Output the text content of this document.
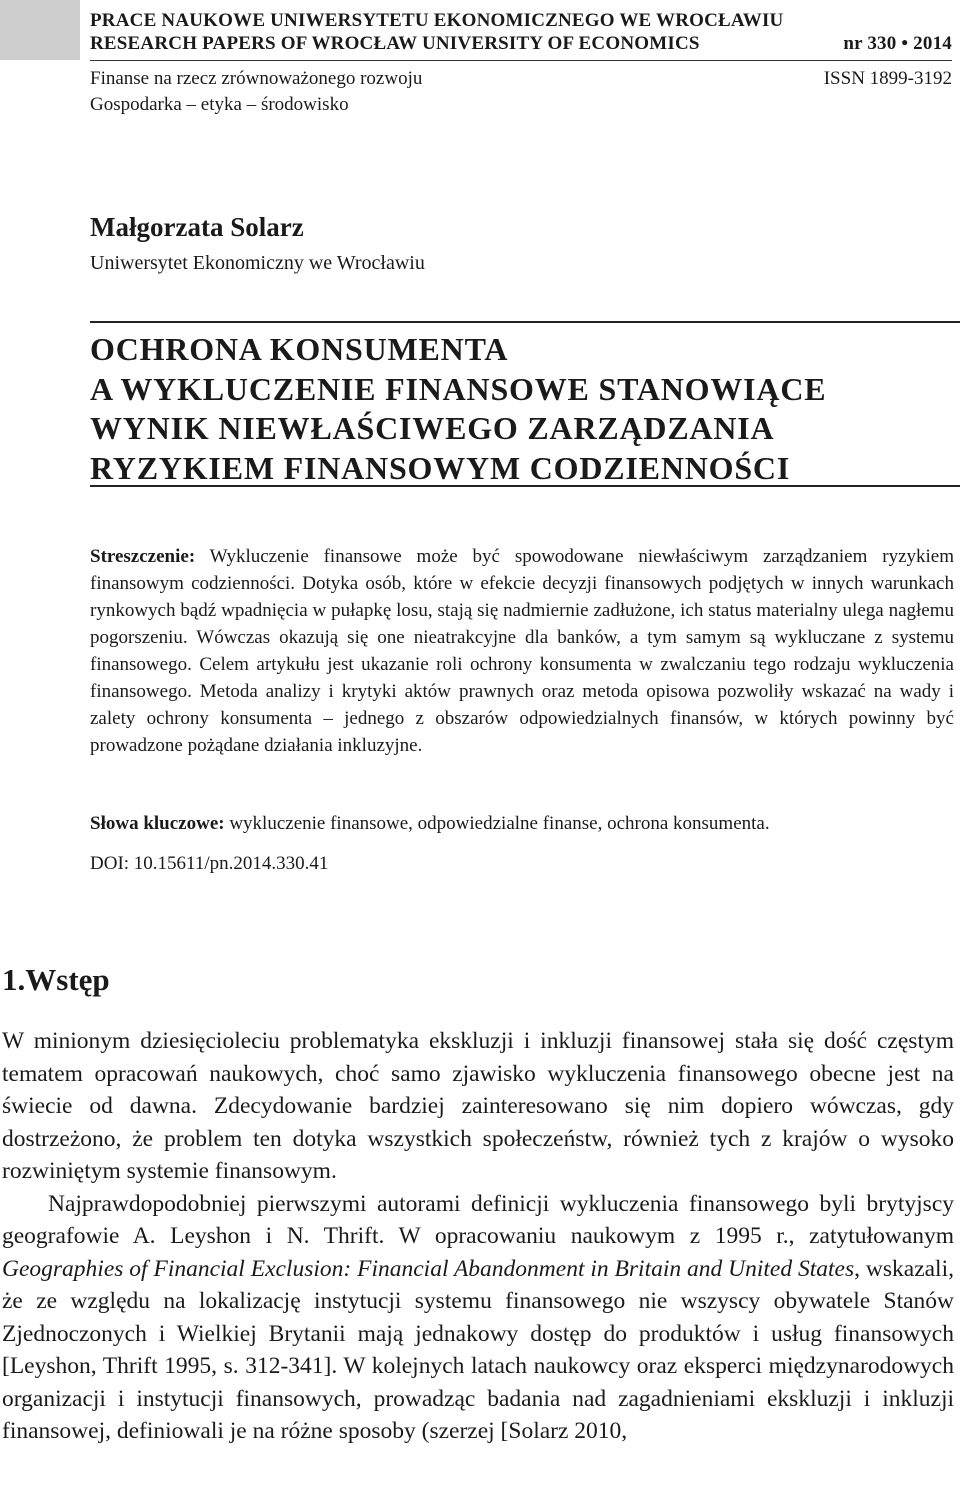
PRACE NAUKOWE UNIWERSYTETU EKONOMICZNEGO WE WROCŁAWIU
RESEARCH PAPERS OF WROCŁAW UNIVERSITY OF ECONOMICS	nr 330 • 2014
Finanse na rzecz zrównoważonego rozwoju
Gospodarka – etyka – środowisko
ISSN 1899-3192
Małgorzata Solarz
Uniwersytet Ekonomiczny we Wrocławiu
OCHRONA KONSUMENTA
A WYKLUCZENIE FINANSOWE STANOWIĄCE
WYNIK NIEWŁAŚCIWEGO ZARZĄDZANIA
RYZYKIEM FINANSOWYM CODZIENNOŚCI
Streszczenie: Wykluczenie finansowe może być spowodowane niewłaściwym zarządzaniem ryzykiem finansowym codzienności. Dotyka osób, które w efekcie decyzji finansowych podjętych w innych warunkach rynkowych bądź wpadnięcia w pułapkę losu, stają się nadmiernie zadłużone, ich status materialny ulega nagłemu pogorszeniu. Wówczas okazują się one nieatrakcyjne dla banków, a tym samym są wykluczane z systemu finansowego. Celem artykułu jest ukazanie roli ochrony konsumenta w zwalczaniu tego rodzaju wykluczenia finansowego. Metoda analizy i krytyki aktów prawnych oraz metoda opisowa pozwoliły wskazać na wady i zalety ochrony konsumenta – jednego z obszarów odpowiedzialnych finansów, w których powinny być prowadzone pożądane działania inkluzyjne.
Słowa kluczowe: wykluczenie finansowe, odpowiedzialne finanse, ochrona konsumenta.
DOI: 10.15611/pn.2014.330.41
1.Wstęp

W minionym dziesięcioleciu problematyka ekskluzji i inkluzji finansowej stała się dość częstym tematem opracowań naukowych, choć samo zjawisko wykluczenia finansowego obecne jest na świecie od dawna. Zdecydowanie bardziej zainteresowano się nim dopiero wówczas, gdy dostrzeżono, że problem ten dotyka wszystkich społeczeństw, również tych z krajów o wysoko rozwiniętym systemie finansowym.

Najprawdopodobniej pierwszymi autorami definicji wykluczenia finansowego byli brytyjscy geografowie A. Leyshon i N. Thrift. W opracowaniu naukowym z 1995 r., zatytułowanym Geographies of Financial Exclusion: Financial Abandonment in Britain and United States, wskazali, że ze względu na lokalizację instytucji systemu finansowego nie wszyscy obywatele Stanów Zjednoczonych i Wielkiej Brytanii mają jednakowy dostęp do produktów i usług finansowych [Leyshon, Thrift 1995, s. 312-341]. W kolejnych latach naukowcy oraz eksperci międzynarodowych organizacji i instytucji finansowych, prowadząc badania nad zagadnieniami ekskluzji i inkluzji finansowej, definiowali je na różne sposoby (szerzej [Solarz 2010,
